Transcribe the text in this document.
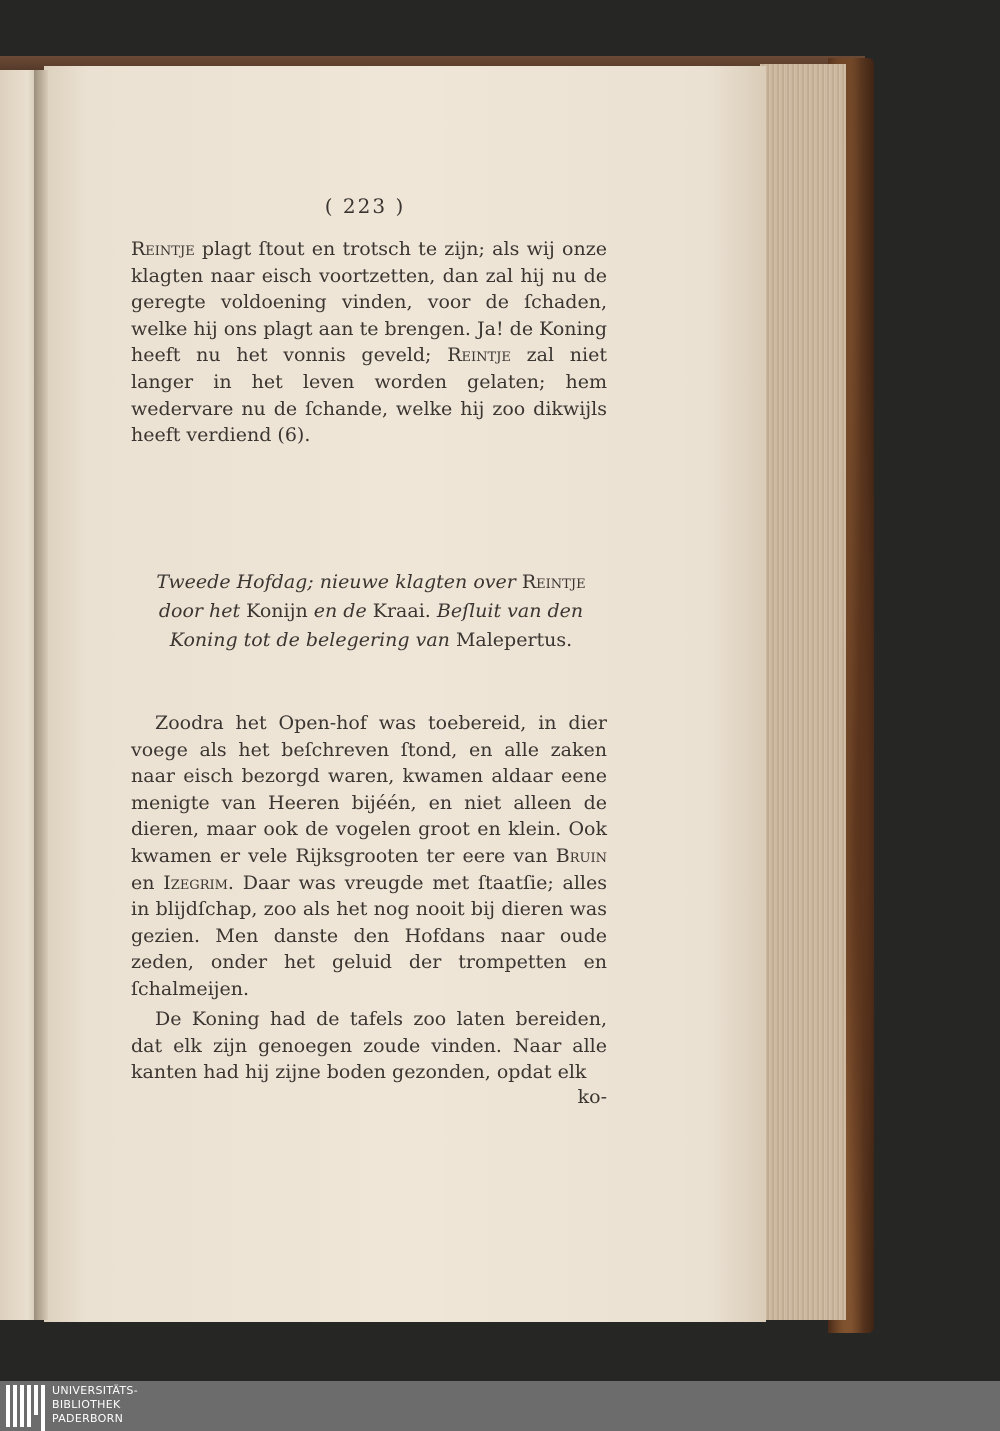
( 223 )

Reintje plagt ſtout en trotsch te zijn; als wij onze klagten naar eisch voortzetten, dan zal hij nu de geregte voldoening vinden, voor de ſchaden, welke hij ons plagt aan te brengen. Ja! de Koning heeft nu het vonnis geveld; Reintje zal niet langer in het leven worden gelaten; hem wedervare nu de ſchande, welke hij zoo dikwijls heeft verdiend (6).

Tweede Hofdag; nieuwe klagten over Reintje door het Konijn en de Kraai. Beſluit van den Koning tot de belegering van Malepertus.

Zoodra het Open-hof was toebereid, in dier voege als het beſchreven ſtond, en alle zaken naar eisch bezorgd waren, kwamen aldaar eene menigte van Heeren bijéén, en niet alleen de dieren, maar ook de vogelen groot en klein. Ook kwamen er vele Rijksgrooten ter eere van Bruin en Izegrim. Daar was vreugde met ſtaatſie; alles in blijdſchap, zoo als het nog nooit bij dieren was gezien. Men danste den Hofdans naar oude zeden, onder het geluid der trompetten en ſchalmeijen.

De Koning had de tafels zoo laten bereiden, dat elk zijn genoegen zoude vinden. Naar alle kanten had hij zijne boden gezonden, opdat elk

ko-
UNIVERSITÄTS-
BIBLIOTHEK
PADERBORN
